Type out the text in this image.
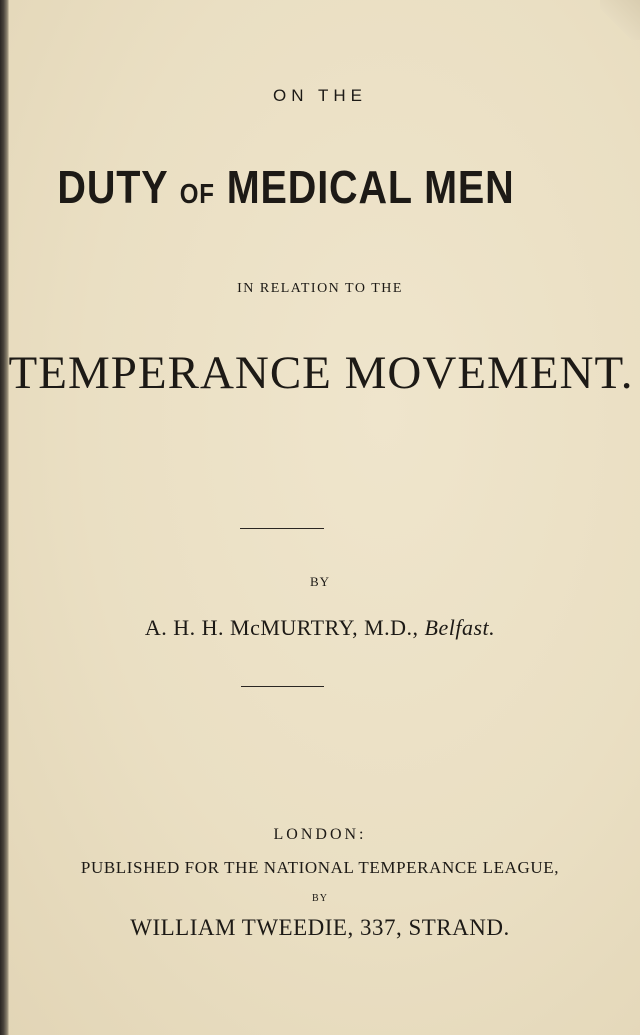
ON THE
DUTY OF MEDICAL MEN
IN RELATION TO THE
TEMPERANCE MOVEMENT.
BY
A. H. H. McMURTRY, M.D., Belfast.
LONDON:
PUBLISHED FOR THE NATIONAL TEMPERANCE LEAGUE,
BY
WILLIAM TWEEDIE, 337, STRAND.
